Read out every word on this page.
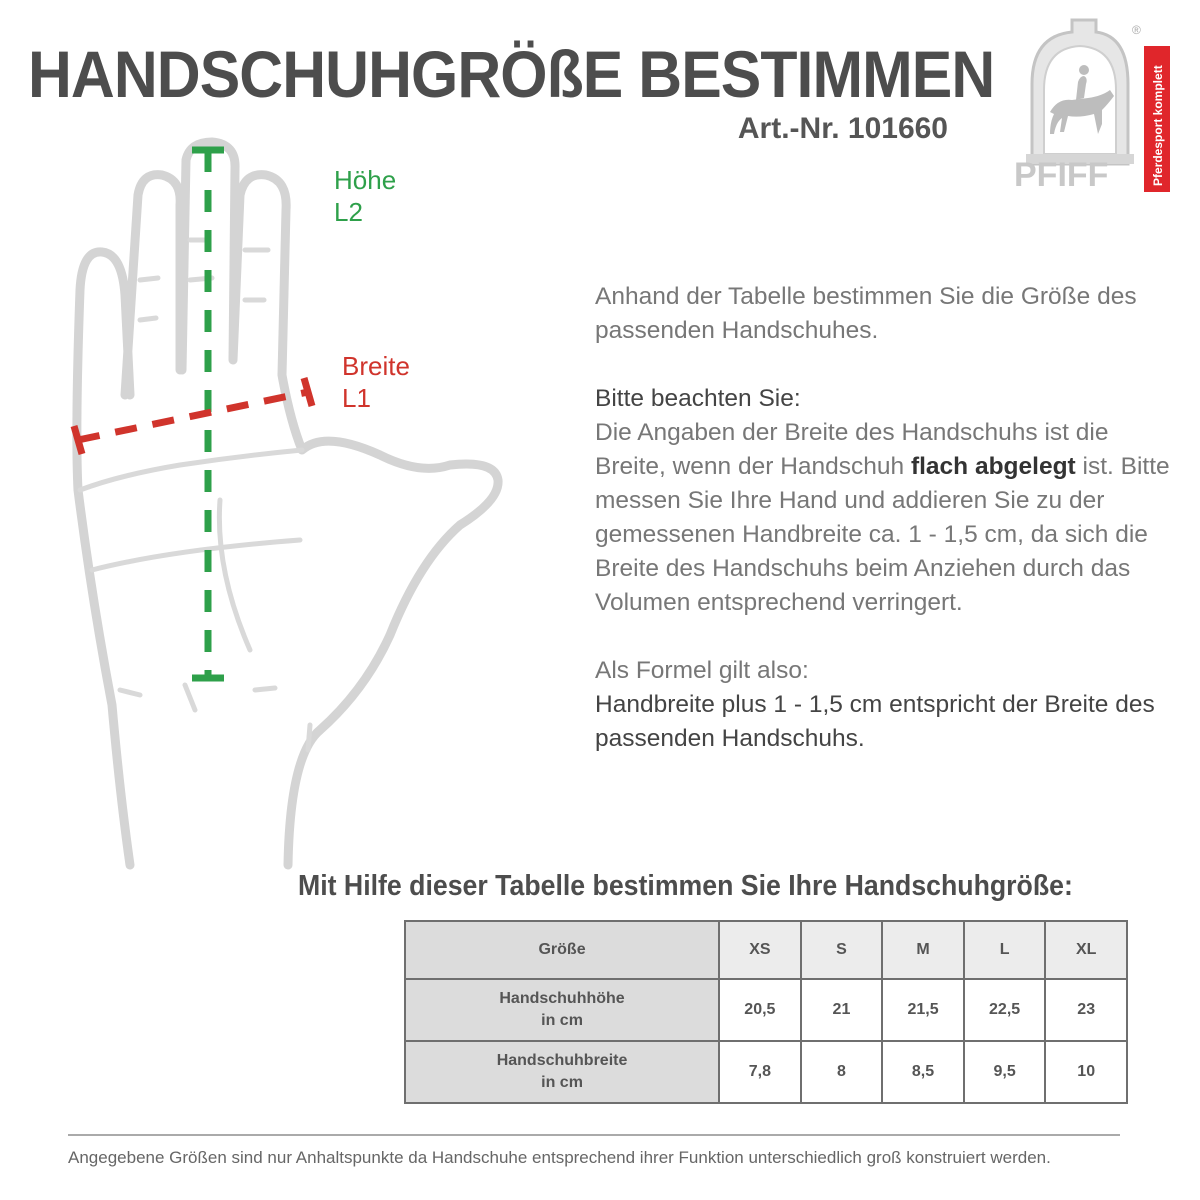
HANDSCHUHGRÖßE BESTIMMEN
Art.-Nr. 101660
PFIFF
®
Pferdesport komplett
Höhe
L2
Breite
L1

Anhand der Tabelle bestimmen Sie die Größe des passenden Handschuhes.

Bitte beachten Sie:

Die Angaben der Breite des Handschuhs ist die Breite, wenn der Handschuh flach abgelegt ist. Bitte messen Sie Ihre Hand und addieren Sie zu der gemessenen Handbreite ca. 1 - 1,5 cm, da sich die Breite des Handschuhs beim Anziehen durch das Volumen entsprechend verringert.

Als Formel gilt also:

Handbreite plus 1 - 1,5 cm entspricht der Breite des passenden Handschuhs.

Mit Hilfe dieser Tabelle bestimmen Sie Ihre Handschuhgröße:
Größe	XS	S	M	L	XL

Handschuhhöhe
in cm	20,5	21	21,5	22,5	23

Handschuhbreite
in cm	7,8	8	8,5	9,5	10
Angegebene Größen sind nur Anhaltspunkte da Handschuhe entsprechend ihrer Funktion unterschiedlich groß konstruiert werden.
